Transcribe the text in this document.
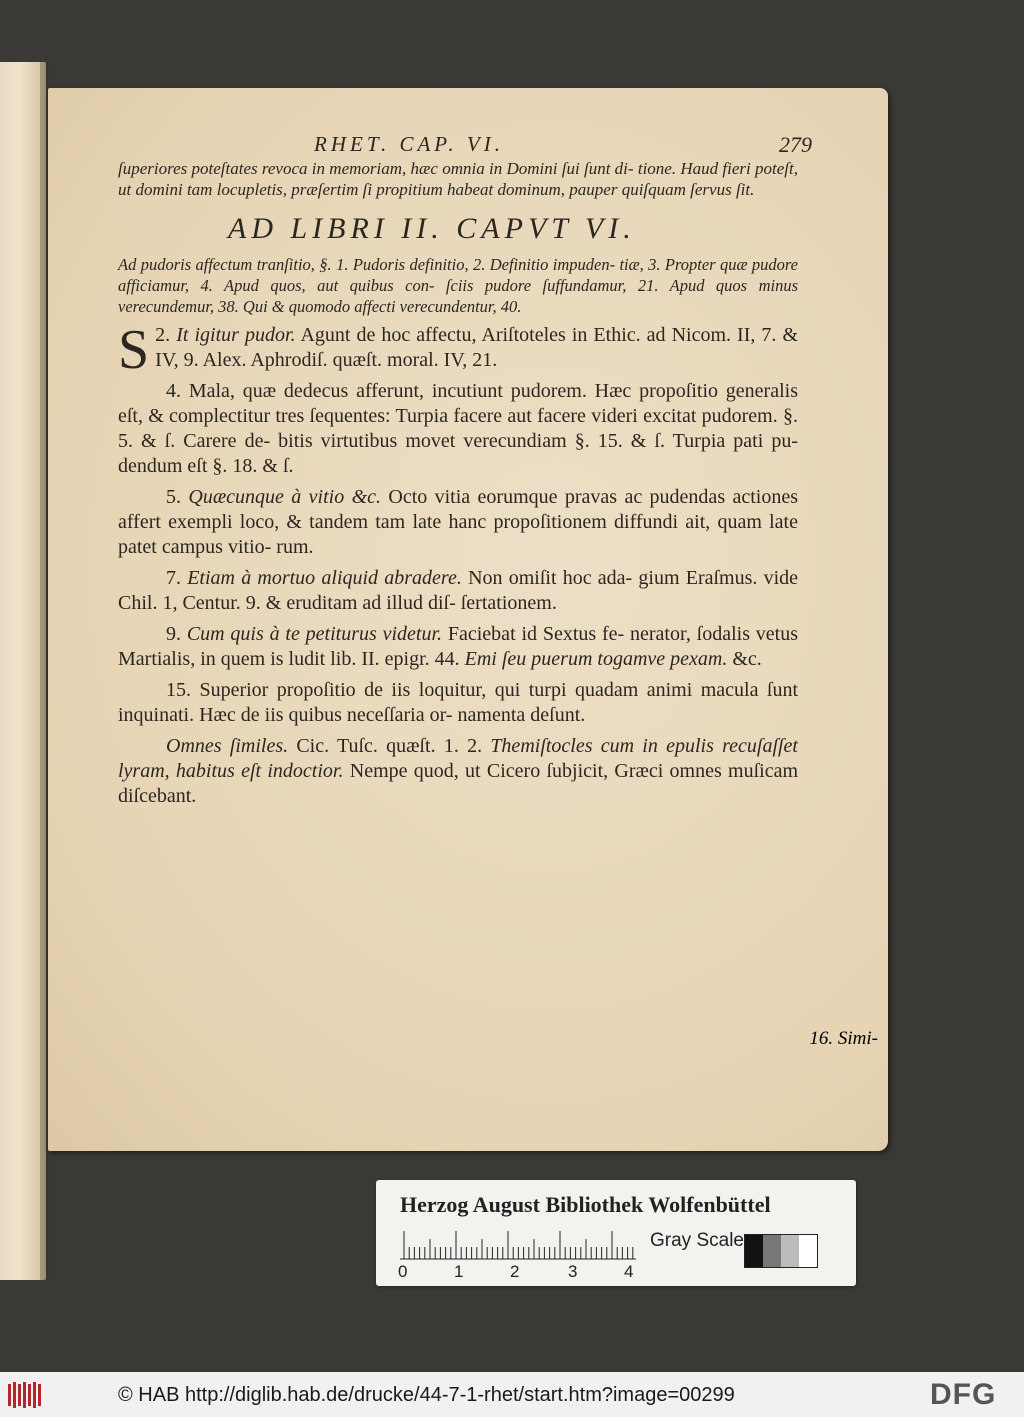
RHET. CAP. VI.	279
ſuperiores poteſtates revoca in memoriam, hæc omnia in Domini ſui ſunt di- tione. Haud fieri poteſt, ut domini tam locupletis, præſertim ſi propitium habeat dominum, pauper quiſquam ſervus ſit.
AD LIBRI II. CAPVT VI.
Ad pudoris affectum tranſitio, §. 1. Pudoris definitio, 2. Definitio impuden- tiæ, 3. Propter quæ pudore afficiamur, 4. Apud quos, aut quibus con- ſciis pudore ſuffundamur, 21. Apud quos minus verecundemur, 38. Qui & quomodo affecti verecundentur, 40.

2.
S It igitur pudor. Agunt de hoc affectu, Ariſtoteles in Ethic. ad Nicom. II, 7. & IV, 9. Alex. Aphrodiſ. quæſt. moral. IV, 21.

4. Mala, quæ dedecus afferunt, incutiunt pudorem. Hæc propoſitio generalis eſt, & complectitur tres ſequentes: Turpia facere aut facere videri excitat pudorem. §. 5. & ſ. Carere de- bitis virtutibus movet verecundiam §. 15. & ſ. Turpia pati pu- dendum eſt §. 18. & ſ.

5. Quæcunque à vitio &c. Octo vitia eorumque pravas ac pudendas actiones affert exempli loco, & tandem tam late hanc propoſitionem diffundi ait, quam late patet campus vitio- rum.

7. Etiam à mortuo aliquid abradere. Non omiſit hoc ada- gium Eraſmus. vide Chil. 1, Centur. 9. & eruditam ad illud diſ- ſertationem.

9. Cum quis à te petiturus videtur. Faciebat id Sextus fe- nerator, ſodalis vetus Martialis, in quem is ludit lib. II. epigr. 44. Emi ſeu puerum togamve pexam. &c.

15. Superior propoſitio de iis loquitur, qui turpi quadam animi macula ſunt inquinati. Hæc de iis quibus neceſſaria or- namenta deſunt.

Omnes ſimiles. Cic. Tuſc. quæſt. 1. 2. Themiſtocles cum in epulis recuſaſſet lyram, habitus eſt indoctior. Nempe quod, ut Cicero ſubjicit, Græci omnes muſicam diſcebant.

16. Simi-
Herzog August Bibliothek Wolfenbüttel
0	1	2	3	4
Gray Scale
© HAB http://diglib.hab.de/drucke/44-7-1-rhet/start.htm?image=00299	DFG
